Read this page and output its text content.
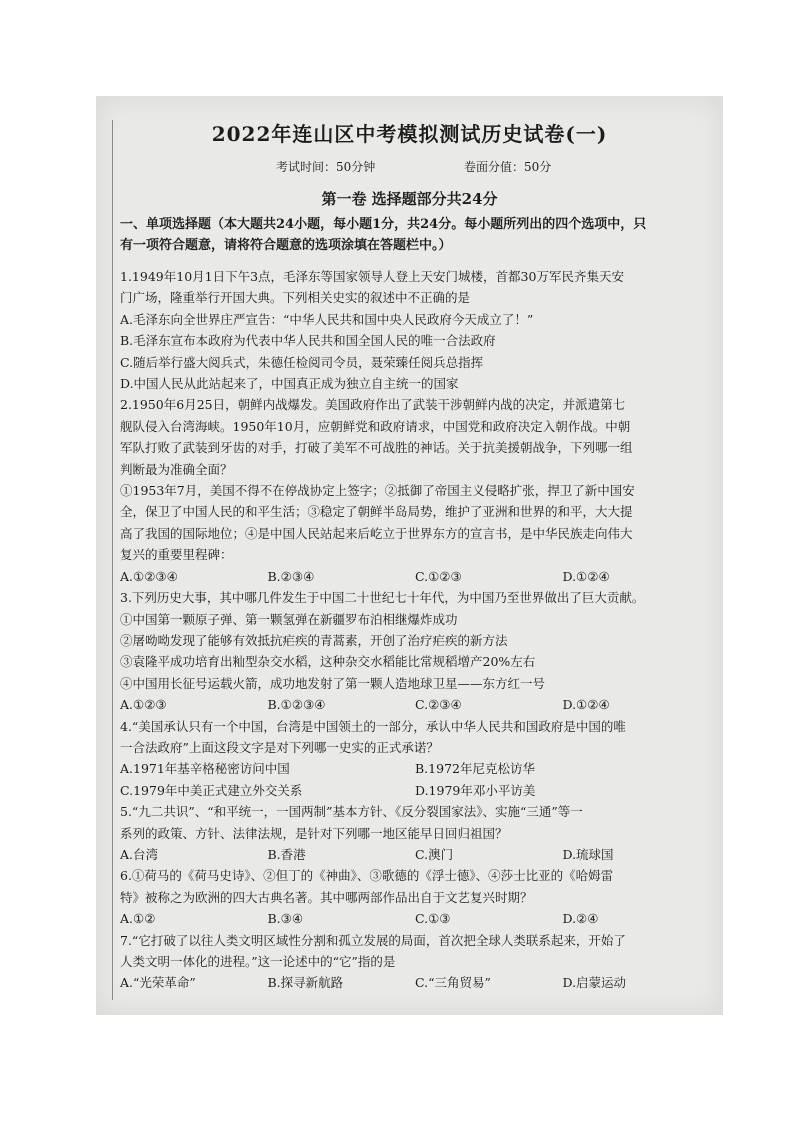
2022年连山区中考模拟测试历史试卷(一)
考试时间：50分钟	卷面分值：50分
第一卷 选择题部分共24分
一、单项选择题（本大题共24小题，每小题1分，共24分。每小题所列出的四个选项中，只
有一项符合题意，请将符合题意的选项涂填在答题栏中。）
1.1949年10月1日下午3点，毛泽东等国家领导人登上天安门城楼，首都30万军民齐集天安
门广场，隆重举行开国大典。下列相关史实的叙述中不正确的是
A.毛泽东向全世界庄严宣告：“中华人民共和国中央人民政府今天成立了！”
B.毛泽东宣布本政府为代表中华人民共和国全国人民的唯一合法政府
C.随后举行盛大阅兵式，朱德任检阅司令员，聂荣臻任阅兵总指挥
D.中国人民从此站起来了，中国真正成为独立自主统一的国家
2.1950年6月25日，朝鲜内战爆发。美国政府作出了武装干涉朝鲜内战的决定，并派遣第七
舰队侵入台湾海峡。1950年10月，应朝鲜党和政府请求，中国党和政府决定入朝作战。中朝
军队打败了武装到牙齿的对手，打破了美军不可战胜的神话。关于抗美援朝战争，下列哪一组
判断最为准确全面？
①1953年7月，美国不得不在停战协定上签字；②抵御了帝国主义侵略扩张，捍卫了新中国安
全，保卫了中国人民的和平生活；③稳定了朝鲜半岛局势，维护了亚洲和世界的和平，大大提
高了我国的国际地位；④是中国人民站起来后屹立于世界东方的宣言书，是中华民族走向伟大
复兴的重要里程碑：
A.①②③④	B.②③④	C.①②③	D.①②④
3.下列历史大事，其中哪几件发生于中国二十世纪七十年代，为中国乃至世界做出了巨大贡献。
①中国第一颗原子弹、第一颗氢弹在新疆罗布泊相继爆炸成功
②屠呦呦发现了能够有效抵抗疟疾的青蒿素，开创了治疗疟疾的新方法
③袁隆平成功培育出籼型杂交水稻，这种杂交水稻能比常规稻增产20%左右
④中国用长征号运载火箭，成功地发射了第一颗人造地球卫星——东方红一号
A.①②③	B.①②③④	C.②③④	D.①②④
4.“美国承认只有一个中国，台湾是中国领土的一部分，承认中华人民共和国政府是中国的唯
一合法政府”上面这段文字是对下列哪一史实的正式承诺？
A.1971年基辛格秘密访问中国	B.1972年尼克松访华
C.1979年中美正式建立外交关系	D.1979年邓小平访美
5.“九二共识”、“和平统一，一国两制”基本方针、《反分裂国家法》、实施“三通”等一
系列的政策、方针、法律法规，是针对下列哪一地区能早日回归祖国？
A.台湾	B.香港	C.澳门	D.琉球国
6.①荷马的《荷马史诗》、②但丁的《神曲》、③歌德的《浮士德》、④莎士比亚的《哈姆雷
特》被称之为欧洲的四大古典名著。其中哪两部作品出自于文艺复兴时期？
A.①②	B.③④	C.①③	D.②④
7.“它打破了以往人类文明区域性分割和孤立发展的局面，首次把全球人类联系起来，开始了
人类文明一体化的进程。”这一论述中的“它”指的是
A.“光荣革命”	B.探寻新航路	C.“三角贸易”	D.启蒙运动
